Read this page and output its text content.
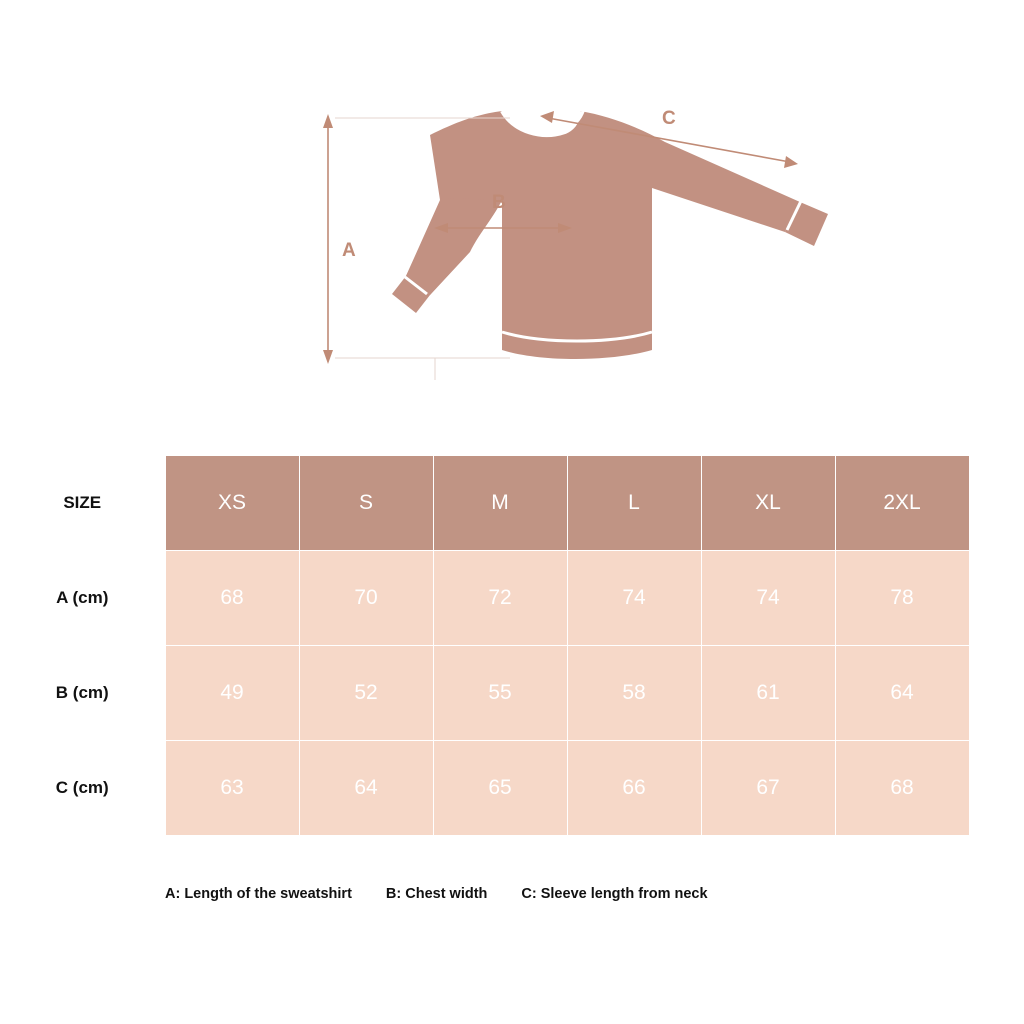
A
B
C
SIZE	XS	S	M	L	XL	2XL
A (cm)	68	70	72	74	74	78
B (cm)	49	52	55	58	61	64
C (cm)	63	64	65	66	67	68
A: Length of the sweatshirt B: Chest width C: Sleeve length from neck
